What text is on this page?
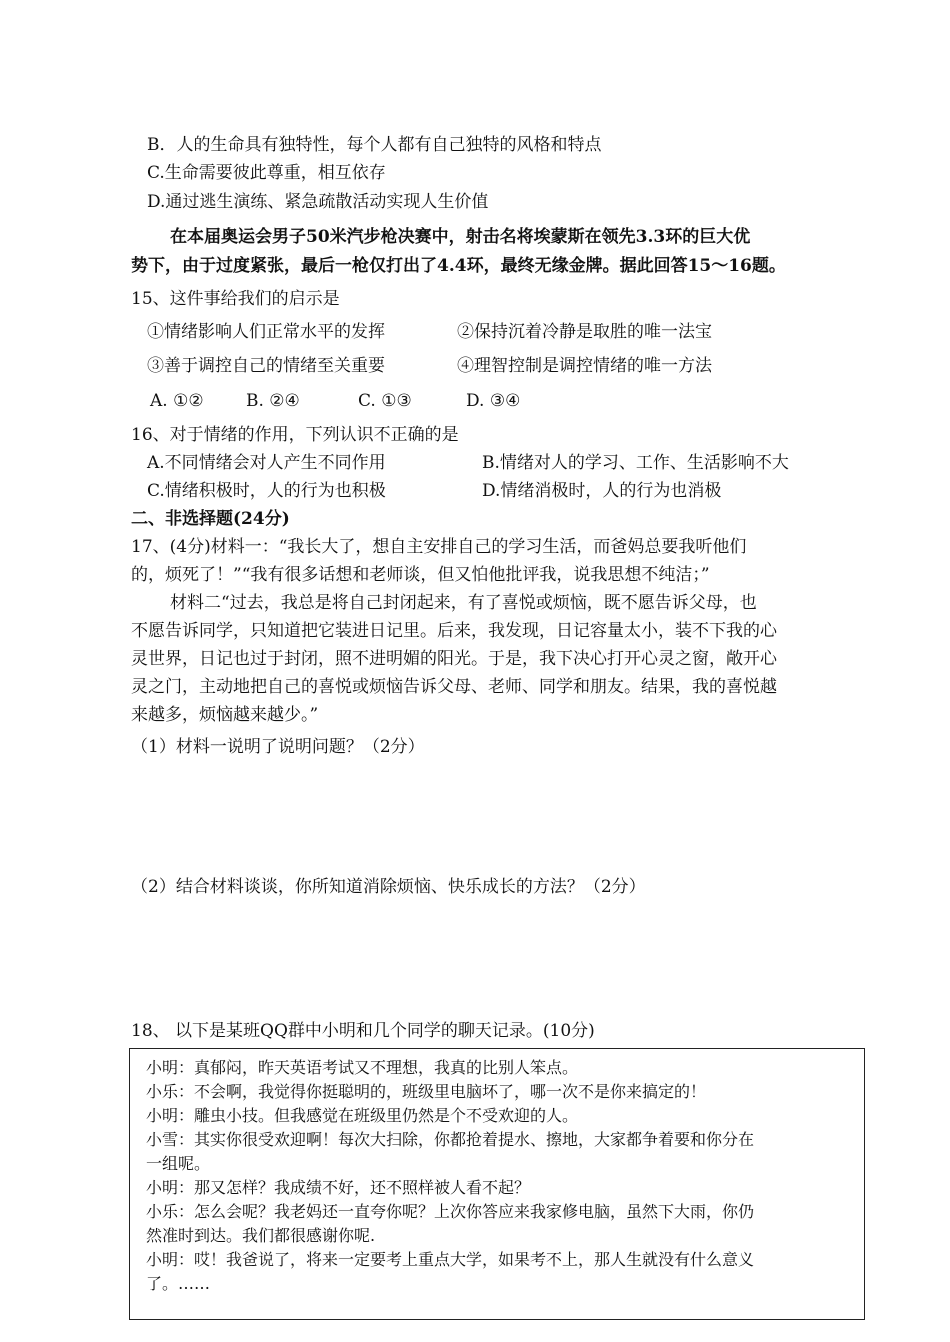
B．人的生命具有独特性，每个人都有自己独特的风格和特点
C.生命需要彼此尊重，相互依存
D.通过逃生演练、紧急疏散活动实现人生价值
在本届奥运会男子50米汽步枪决赛中，射击名将埃蒙斯在领先3.3环的巨大优
势下，由于过度紧张，最后一枪仅打出了4.4环，最终无缘金牌。据此回答15～16题。
15、这件事给我们的启示是
①情绪影响人们正常水平的发挥	②保持沉着冷静是取胜的唯一法宝
③善于调控自己的情绪至关重要	④理智控制是调控情绪的唯一方法
A. ①② B. ②④	C. ①③	D. ③④
16、对于情绪的作用，下列认识不正确的是
A.不同情绪会对人产生不同作用	B.情绪对人的学习、工作、生活影响不大
C.情绪积极时，人的行为也积极	D.情绪消极时，人的行为也消极
二、非选择题(24分)
17、(4分)材料一：“我长大了，想自主安排自己的学习生活，而爸妈总要我听他们
的，烦死了！”“我有很多话想和老师谈，但又怕他批评我，说我思想不纯洁；”
材料二“过去，我总是将自己封闭起来，有了喜悦或烦恼，既不愿告诉父母，也
不愿告诉同学，只知道把它装进日记里。后来，我发现，日记容量太小，装不下我的心
灵世界，日记也过于封闭，照不进明媚的阳光。于是，我下决心打开心灵之窗，敞开心
灵之门，主动地把自己的喜悦或烦恼告诉父母、老师、同学和朋友。结果，我的喜悦越
来越多，烦恼越来越少。”
（1）材料一说明了说明问题？（2分）
（2）结合材料谈谈，你所知道消除烦恼、快乐成长的方法？（2分）
18、 以下是某班QQ群中小明和几个同学的聊天记录。(10分)
小明：真郁闷，昨天英语考试又不理想，我真的比别人笨点。
小乐：不会啊，我觉得你挺聪明的，班级里电脑坏了，哪一次不是你来搞定的！
小明：雕虫小技。但我感觉在班级里仍然是个不受欢迎的人。
小雪：其实你很受欢迎啊！每次大扫除，你都抢着提水、擦地，大家都争着要和你分在
一组呢。
小明：那又怎样？我成绩不好，还不照样被人看不起？
小乐：怎么会呢？我老妈还一直夸你呢？上次你答应来我家修电脑，虽然下大雨，你仍
然准时到达。我们都很感谢你呢.
小明：哎！我爸说了，将来一定要考上重点大学，如果考不上，那人生就没有什么意义
了。……
